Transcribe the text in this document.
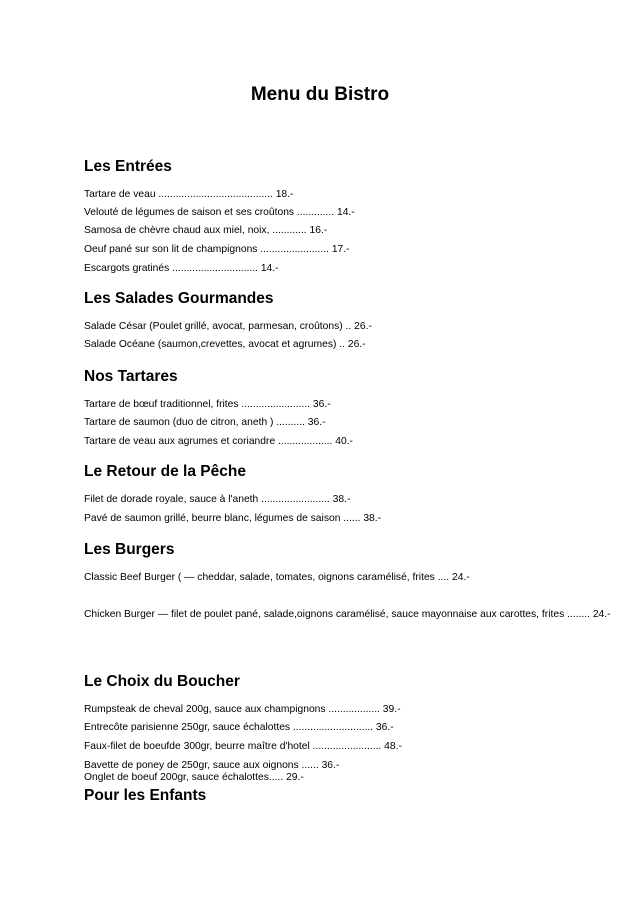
Menu du Bistro
Les Entrées

Tartare de veau ........................................ 18.-

Velouté de légumes de saison et ses croûtons ............. 14.-

Samosa de chèvre chaud aux miel, noix, ............ 16.-

Oeuf pané sur son lit de champignons ........................ 17.-

Escargots gratinés .............................. 14.-

Les Salades Gourmandes

Salade César (Poulet grillé, avocat, parmesan, croûtons) .. 26.-

Salade Océane (saumon,crevettes, avocat et agrumes) .. 26.-

Nos Tartares

Tartare de bœuf traditionnel, frites ........................ 36.-

Tartare de saumon (duo de citron, aneth ) .......... 36.-

Tartare de veau aux agrumes et coriandre ................... 40.-

Le Retour de la Pêche

Filet de dorade royale, sauce à l'aneth ........................ 38.-

Pavé de saumon grillé, beurre blanc, légumes de saison ...... 38.-

Les Burgers

Classic Beef Burger ( — cheddar, salade, tomates, oignons caramélisé, frites .... 24.-

Chicken Burger — filet de poulet pané, salade,oignons caramélisé, sauce mayonnaise aux carottes, frites ........ 24.-

Le Choix du Boucher

Rumpsteak de cheval 200g, sauce aux champignons .................. 39.-

Entrecôte parisienne 250gr, sauce échalottes ............................ 36.-

Faux-filet de boeufde 300gr, beurre maître d'hotel ........................ 48.-

Bavette de poney de 250gr, sauce aux oignons ...... 36.-

Onglet de boeuf 200gr, sauce échalottes..... 29.-

Pour les Enfants
